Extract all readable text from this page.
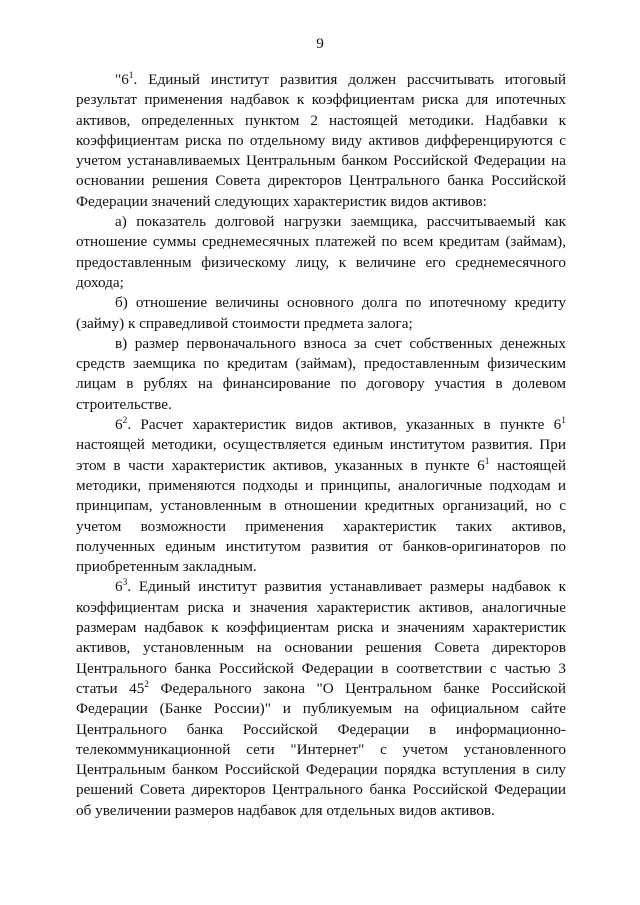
9

"$6^1$. Единый институт развития должен рассчитывать итоговый результат применения надбавок к коэффициентам риска для ипотечных активов, определенных пунктом 2 настоящей методики. Надбавки к коэффициентам риска по отдельному виду активов дифференцируются с учетом устанавливаемых Центральным банком Российской Федерации на основании решения Совета директоров Центрального банка Российской Федерации значений следующих характеристик видов активов:

а) показатель долговой нагрузки заемщика, рассчитываемый как отношение суммы среднемесячных платежей по всем кредитам (займам), предоставленным физическому лицу, к величине его среднемесячного дохода;

б) отношение величины основного долга по ипотечному кредиту (займу) к справедливой стоимости предмета залога;

в) размер первоначального взноса за счет собственных денежных средств заемщика по кредитам (займам), предоставленным физическим лицам в рублях на финансирование по договору участия в долевом строительстве.

$6^2$. Расчет характеристик видов активов, указанных в пункте $6^1$ настоящей методики, осуществляется единым институтом развития. При этом в части характеристик активов, указанных в пункте $6^1$ настоящей методики, применяются подходы и принципы, аналогичные подходам и принципам, установленным в отношении кредитных организаций, но с учетом возможности применения характеристик таких активов, полученных единым институтом развития от банков-оригинаторов по приобретенным закладным.

$6^3$. Единый институт развития устанавливает размеры надбавок к коэффициентам риска и значения характеристик активов, аналогичные размерам надбавок к коэффициентам риска и значениям характеристик активов, установленным на основании решения Совета директоров Центрального банка Российской Федерации в соответствии с частью 3 статьи $45^2$ Федерального закона "О Центральном банке Российской Федерации (Банке России)" и публикуемым на официальном сайте Центрального банка Российской Федерации в информационно-телекоммуникационной сети "Интернет" с учетом установленного Центральным банком Российской Федерации порядка вступления в силу решений Совета директоров Центрального банка Российской Федерации об увеличении размеров надбавок для отдельных видов активов.
